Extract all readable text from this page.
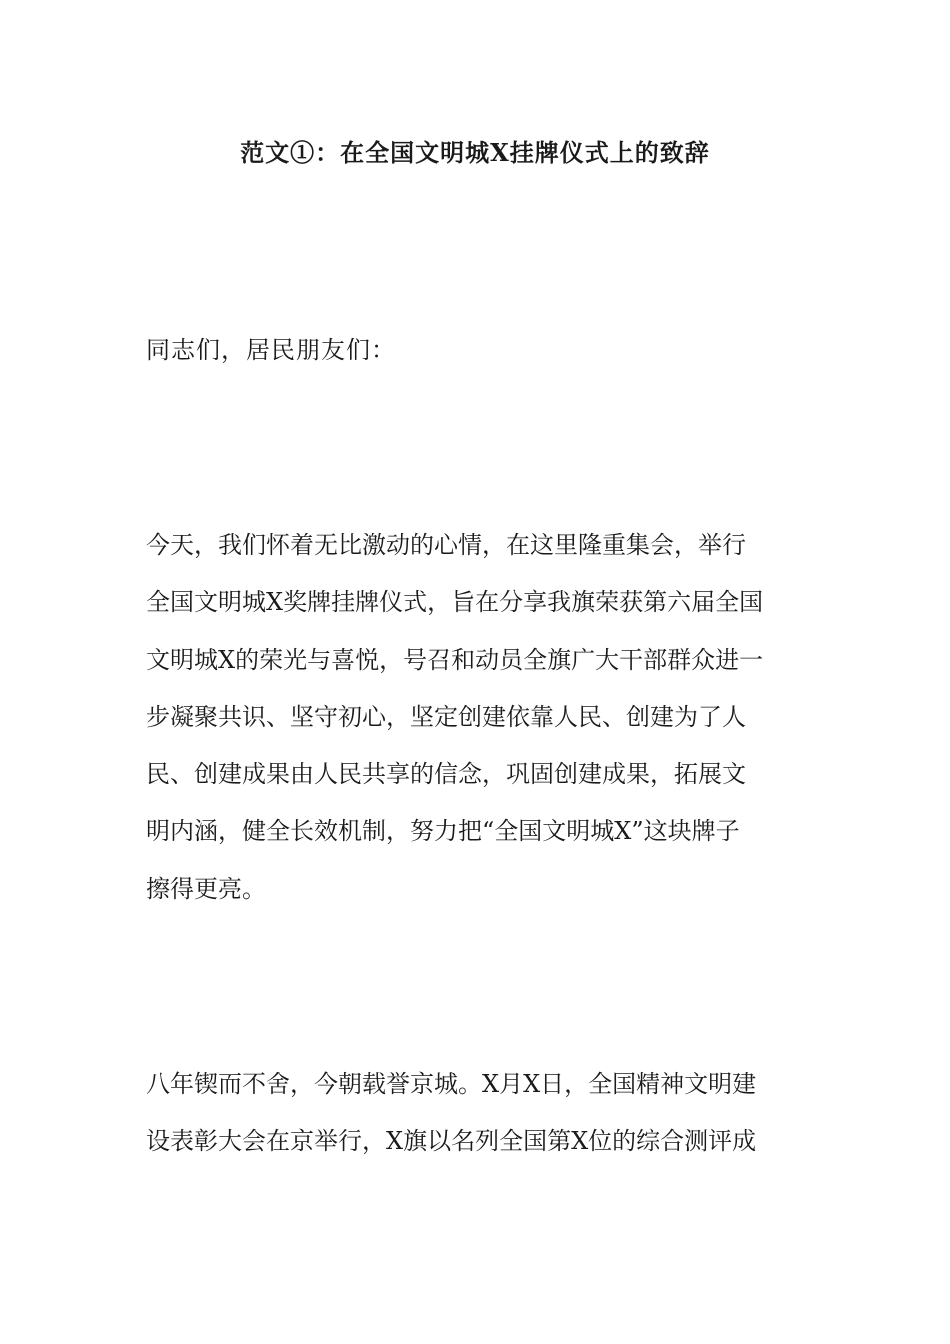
范文①：在全国文明城X挂牌仪式上的致辞
同志们，居民朋友们：
今天，我们怀着无比激动的心情，在这里隆重集会，举行
全国文明城X奖牌挂牌仪式，旨在分享我旗荣获第六届全国
文明城X的荣光与喜悦，号召和动员全旗广大干部群众进一
步凝聚共识、坚守初心，坚定创建依靠人民、创建为了人
民、创建成果由人民共享的信念，巩固创建成果，拓展文
明内涵，健全长效机制，努力把“全国文明城X”这块牌子
擦得更亮。
八年锲而不舍，今朝载誉京城。X月X日，全国精神文明建
设表彰大会在京举行，X旗以名列全国第X位的综合测评成
